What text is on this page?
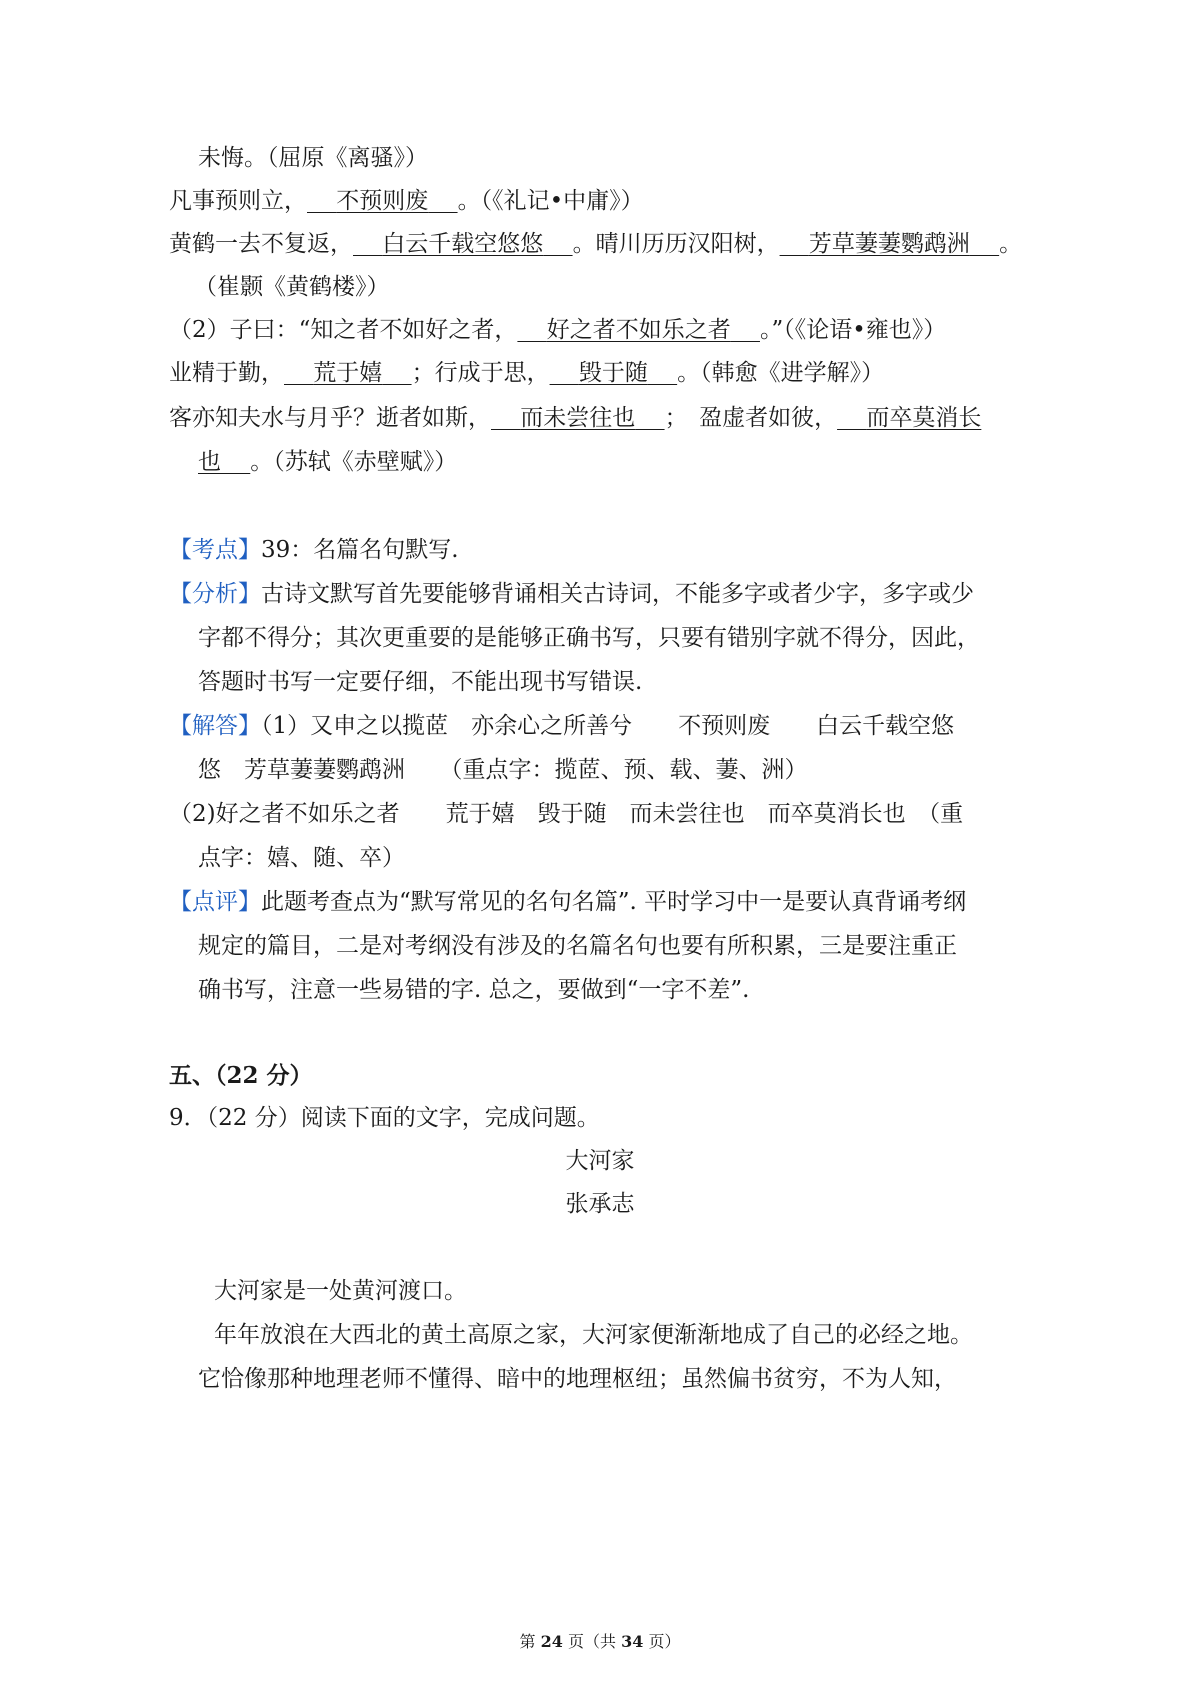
未悔。（屈原《离骚》）
凡事预则立，   不预则废   。（《礼记•中庸》）
黄鹤一去不复返，   白云千载空悠悠   。晴川历历汉阳树，   芳草萋萋鹦鹉洲   。
（崔颢《黄鹤楼》）
（2）子曰：“知之者不如好之者，   好之者不如乐之者   。”（《论语•雍也》）
业精于勤，   荒于嬉   ；行成于思，   毁于随   。（韩愈《进学解》）
客亦知夫水与月乎？逝者如斯，   而未尝往也   ；　盈虚者如彼，   而卒莫消长
也   。（苏轼《赤壁赋》）
【考点】39：名篇名句默写.
【分析】古诗文默写首先要能够背诵相关古诗词，不能多字或者少字，多字或少
字都不得分；其次更重要的是能够正确书写，只要有错别字就不得分，因此，
答题时书写一定要仔细，不能出现书写错误.
【解答】（1）又申之以揽茝　亦余心之所善兮　　不预则废　　白云千载空悠
悠　芳草萋萋鹦鹉洲　　（重点字：揽茝、预、载、萋、洲）
（2)好之者不如乐之者　　荒于嬉　毁于随　而未尝往也　而卒莫消长也　（重
点字：嬉、随、卒）
【点评】此题考查点为“默写常见的名句名篇”. 平时学习中一是要认真背诵考纲
规定的篇目，二是对考纲没有涉及的名篇名句也要有所积累，三是要注重正
确书写，注意一些易错的字. 总之，要做到“一字不差”.
五、（22 分）
9．（22 分）阅读下面的文字，完成问题。
大河家
张承志
大河家是一处黄河渡口。
年年放浪在大西北的黄土高原之家，大河家便渐渐地成了自己的必经之地。
它恰像那种地理老师不懂得、暗中的地理枢纽；虽然偏书贫穷，不为人知，
第 24 页（共 34 页）
